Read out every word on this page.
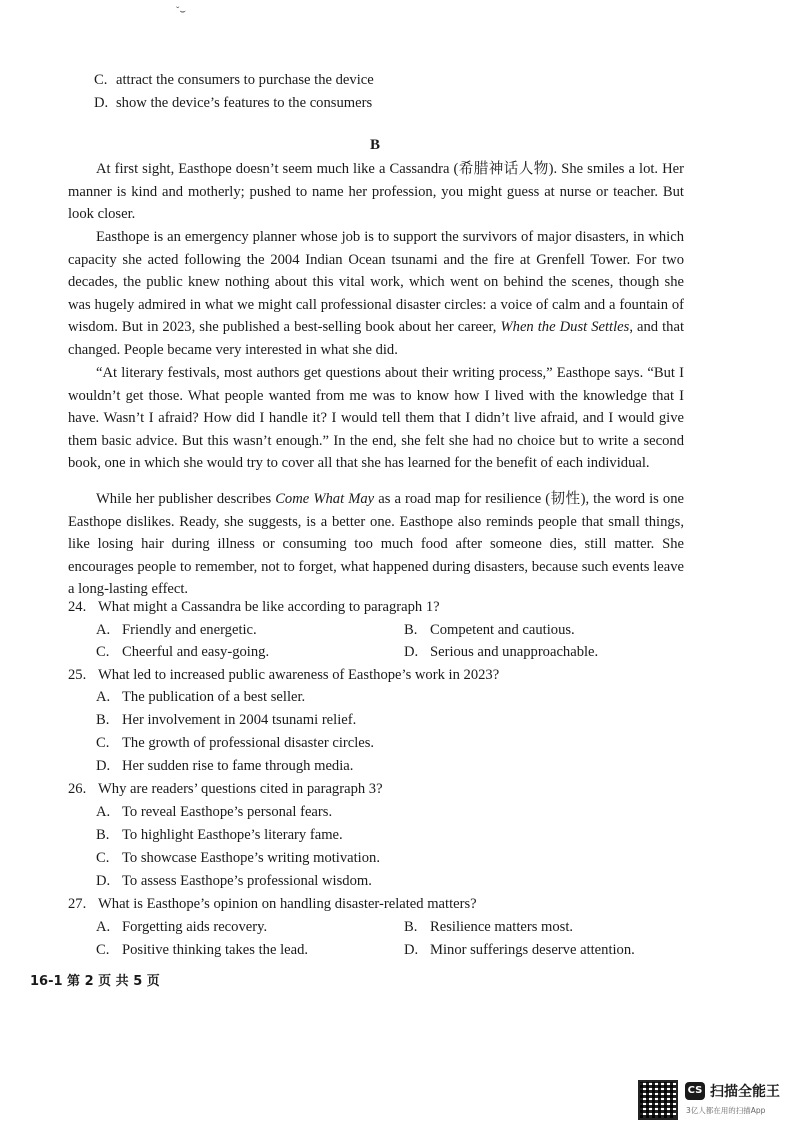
ˇ⌣
C. attract the consumers to purchase the device
D. show the device’s features to the consumers
B
At first sight, Easthope doesn’t seem much like a Cassandra (希腊神话人物). She smiles a lot. Her manner is kind and motherly; pushed to name her profession, you might guess at nurse or teacher. But look closer.
Easthope is an emergency planner whose job is to support the survivors of major disasters, in which capacity she acted following the 2004 Indian Ocean tsunami and the fire at Grenfell Tower. For two decades, the public knew nothing about this vital work, which went on behind the scenes, though she was hugely admired in what we might call professional disaster circles: a voice of calm and a fountain of wisdom. But in 2023, she published a best-selling book about her career, When the Dust Settles, and that changed. People became very interested in what she did.
“At literary festivals, most authors get questions about their writing process,” Easthope says. “But I wouldn’t get those. What people wanted from me was to know how I lived with the knowledge that I have. Wasn’t I afraid? How did I handle it? I would tell them that I didn’t live afraid, and I would give them basic advice. But this wasn’t enough.” In the end, she felt she had no choice but to write a second book, one in which she would try to cover all that she has learned for the benefit of each individual.
While her publisher describes Come What May as a road map for resilience (韧性), the word is one Easthope dislikes. Ready, she suggests, is a better one. Easthope also reminds people that small things, like losing hair during illness or consuming too much food after someone dies, still matter. She encourages people to remember, not to forget, what happened during disasters, because such events leave a long-lasting effect.
24. What might a Cassandra be like according to paragraph 1?
A. Friendly and energetic.	B. Competent and cautious.
C. Cheerful and easy-going.	D. Serious and unapproachable.
25. What led to increased public awareness of Easthope’s work in 2023?
A. The publication of a best seller.
B. Her involvement in 2004 tsunami relief.
C. The growth of professional disaster circles.
D. Her sudden rise to fame through media.
26. Why are readers’ questions cited in paragraph 3?
A. To reveal Easthope’s personal fears.
B. To highlight Easthope’s literary fame.
C. To showcase Easthope’s writing motivation.
D. To assess Easthope’s professional wisdom.
27. What is Easthope’s opinion on handling disaster-related matters?
A. Forgetting aids recovery.	B. Resilience matters most.
C. Positive thinking takes the lead.	D. Minor sufferings deserve attention.
16-1 第 2 页 共 5 页
CS 扫描全能王
3亿人都在用的扫描App
